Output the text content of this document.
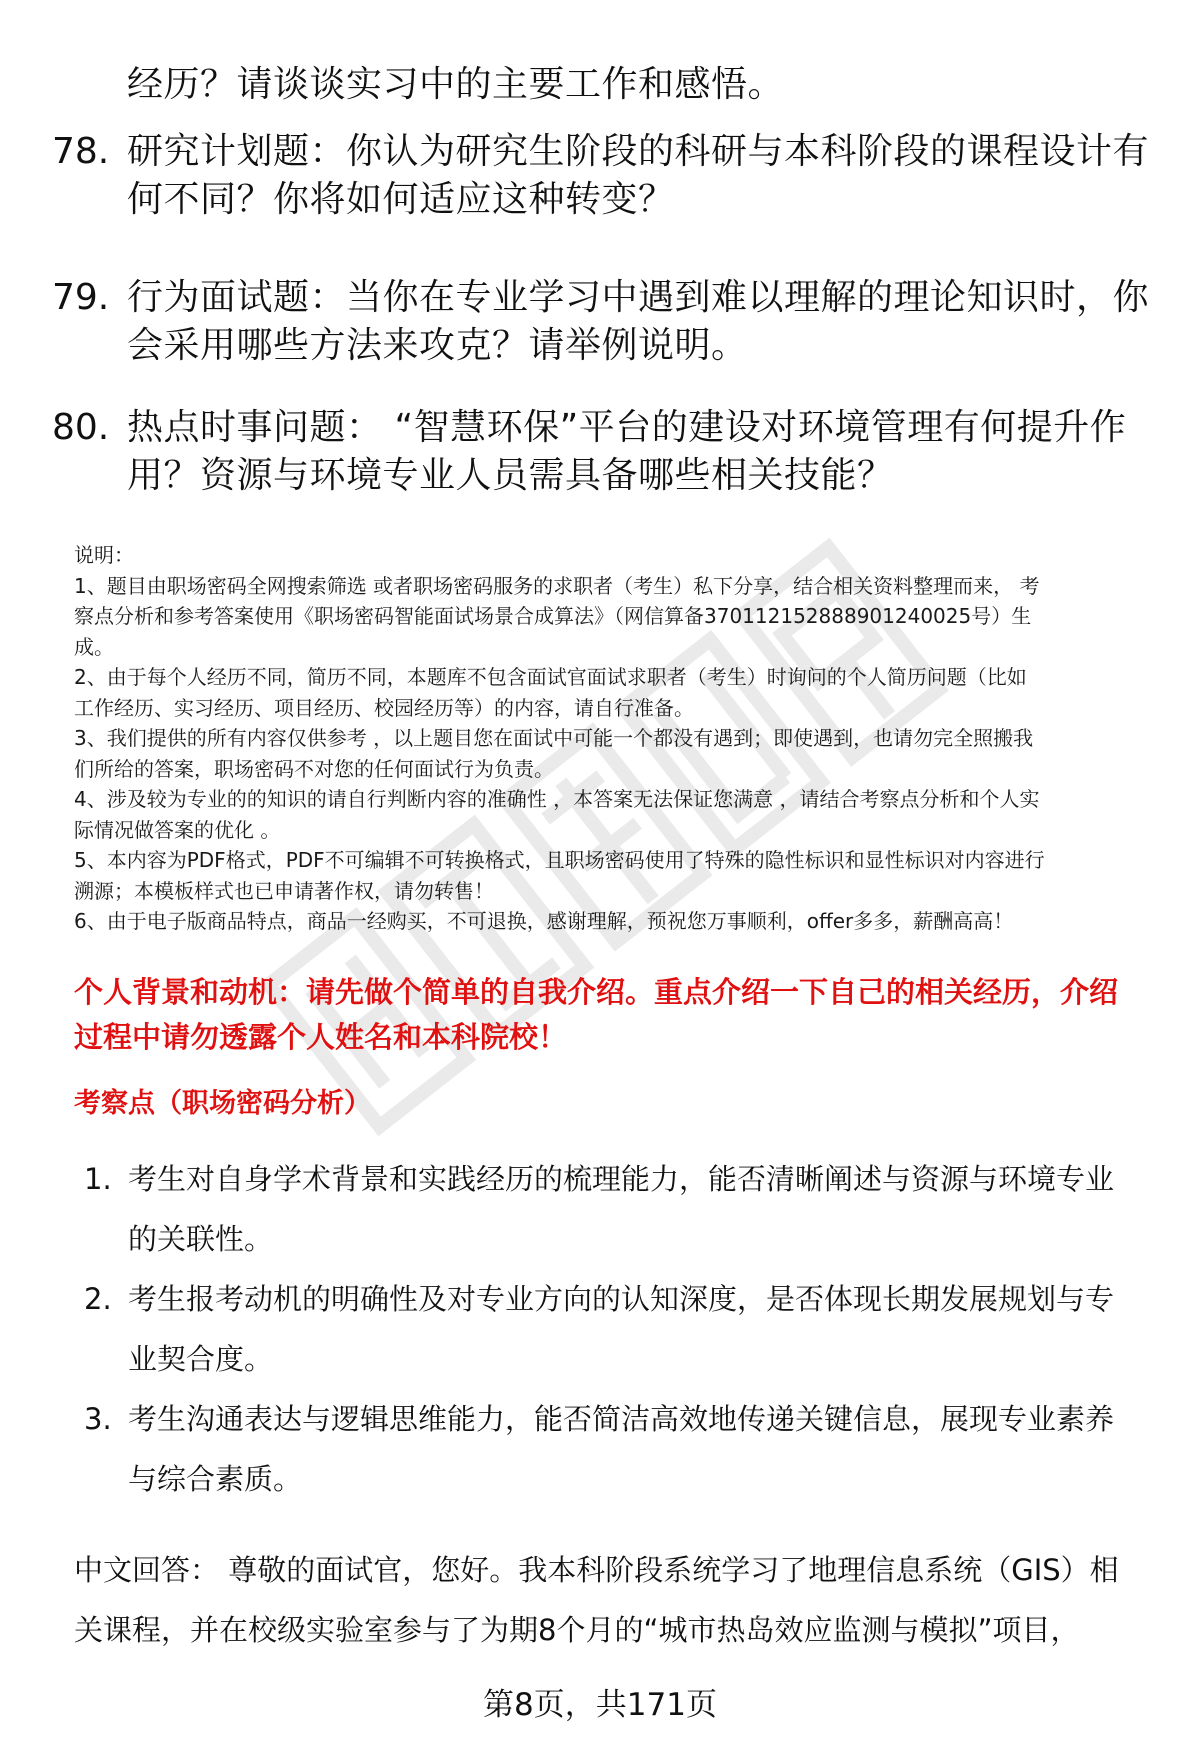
经历？请谈谈实习中的主要工作和感悟。
78. 研究计划题：你认为研究生阶段的科研与本科阶段的课程设计有
何不同？你将如何适应这种转变？
79. 行为面试题：当你在专业学习中遇到难以理解的理论知识时，你
会采用哪些方法来攻克？请举例说明。
80. 热点时事问题： “智慧环保”平台的建设对环境管理有何提升作
用？资源与环境专业人员需具备哪些相关技能？
说明：
1、题目由职场密码全网搜索筛选 或者职场密码服务的求职者（考生）私下分享，结合相关资料整理而来， 考
察点分析和参考答案使用《职场密码智能面试场景合成算法》（网信算备370112152888901240025号）生
成。
2、由于每个人经历不同，简历不同，本题库不包含面试官面试求职者（考生）时询问的个人简历问题（比如
工作经历、实习经历、项目经历、校园经历等）的内容，请自行准备。
3、我们提供的所有内容仅供参考 ，以上题目您在面试中可能一个都没有遇到；即使遇到，也请勿完全照搬我
们所给的答案，职场密码不对您的任何面试行为负责。
4、涉及较为专业的的知识的请自行判断内容的准确性 ，本答案无法保证您满意 ，请结合考察点分析和个人实
际情况做答案的优化 。
5、本内容为PDF格式，PDF不可编辑不可转换格式，且职场密码使用了特殊的隐性标识和显性标识对内容进行
溯源；本模板样式也已申请著作权，请勿转售！
6、由于电子版商品特点，商品一经购买，不可退换，感谢理解，预祝您万事顺利，offer多多，薪酬高高！
个人背景和动机：请先做个简单的自我介绍。重点介绍一下自己的相关经历，介绍
过程中请勿透露个人姓名和本科院校！
考察点（职场密码分析）
1. 考生对自身学术背景和实践经历的梳理能力，能否清晰阐述与资源与环境专业
的关联性。
2. 考生报考动机的明确性及对专业方向的认知深度，是否体现长期发展规划与专
业契合度。
3. 考生沟通表达与逻辑思维能力，能否简洁高效地传递关键信息，展现专业素养
与综合素质。
中文回答： 尊敬的面试官，您好。我本科阶段系统学习了地理信息系统（GIS）相
关课程，并在校级实验室参与了为期8个月的“城市热岛效应监测与模拟”项目，
第8页，共171页
